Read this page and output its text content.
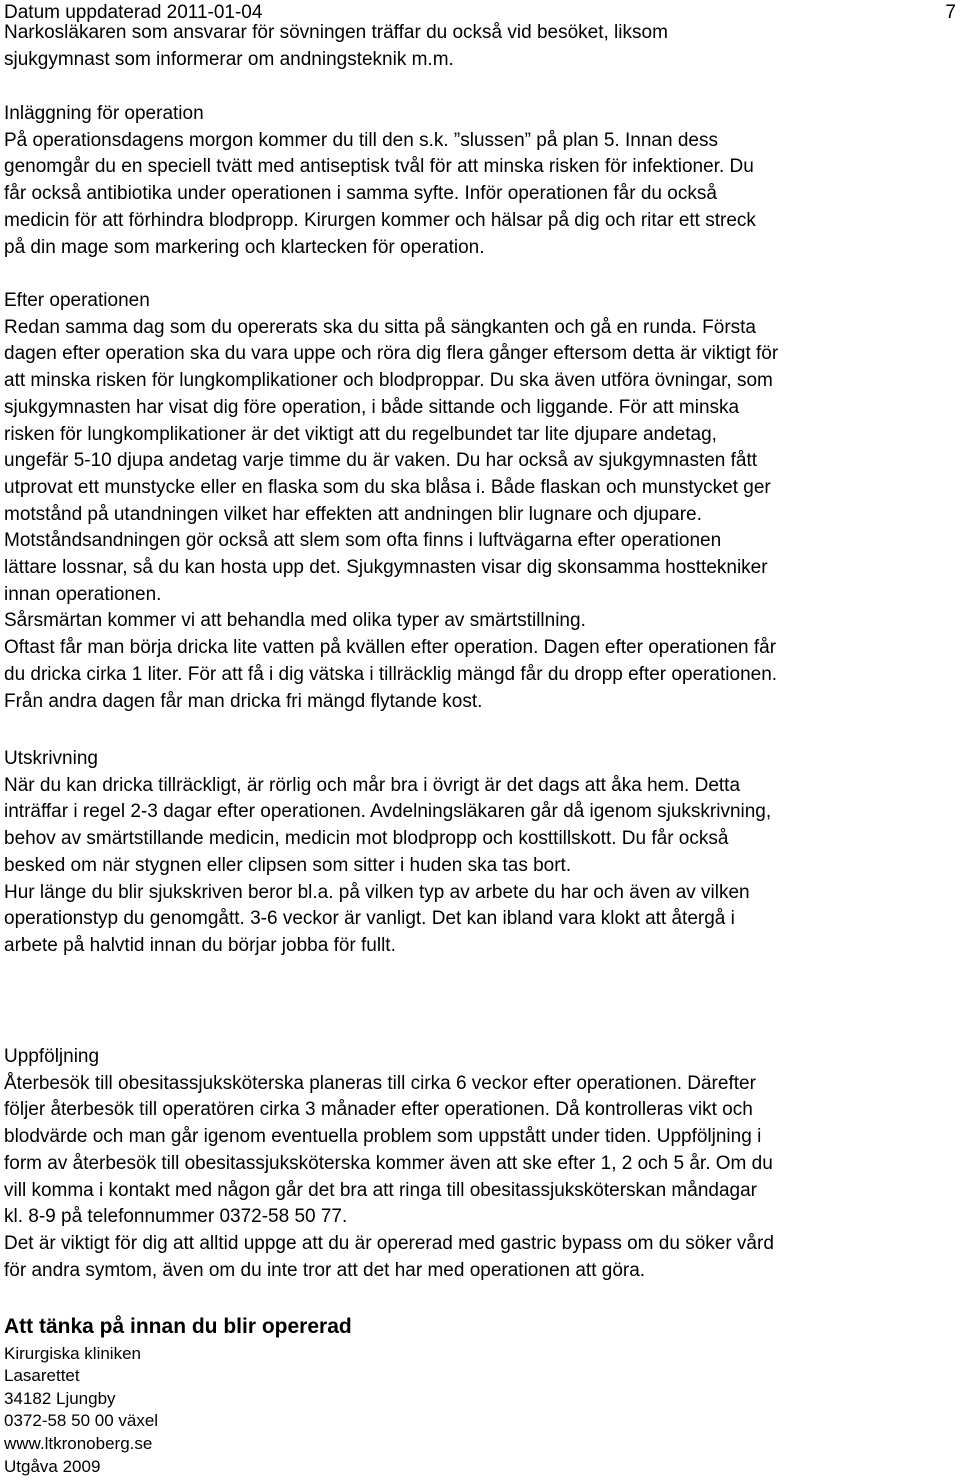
Datum uppdaterad 2011-01-04	7

Narkosläkaren som ansvarar för sövningen träffar du också vid besöket, liksom

sjukgymnast som informerar om andningsteknik m.m.

Inläggning för operation

På operationsdagens morgon kommer du till den s.k. ”slussen” på plan 5. Innan dess

genomgår du en speciell tvätt med antiseptisk tvål för att minska risken för infektioner. Du

får också antibiotika under operationen i samma syfte. Inför operationen får du också

medicin för att förhindra blodpropp. Kirurgen kommer och hälsar på dig och ritar ett streck

på din mage som markering och klartecken för operation.

Efter operationen

Redan samma dag som du opererats ska du sitta på sängkanten och gå en runda. Första

dagen efter operation ska du vara uppe och röra dig flera gånger eftersom detta är viktigt för

att minska risken för lungkomplikationer och blodproppar. Du ska även utföra övningar, som

sjukgymnasten har visat dig före operation, i både sittande och liggande. För att minska

risken för lungkomplikationer är det viktigt att du regelbundet tar lite djupare andetag,

ungefär 5-10 djupa andetag varje timme du är vaken. Du har också av sjukgymnasten fått

utprovat ett munstycke eller en flaska som du ska blåsa i. Både flaskan och munstycket ger

motstånd på utandningen vilket har effekten att andningen blir lugnare och djupare.

Motståndsandningen gör också att slem som ofta finns i luftvägarna efter operationen

lättare lossnar, så du kan hosta upp det. Sjukgymnasten visar dig skonsamma hosttekniker

innan operationen.

Sårsmärtan kommer vi att behandla med olika typer av smärtstillning.

Oftast får man börja dricka lite vatten på kvällen efter operation. Dagen efter operationen får

du dricka cirka 1 liter. För att få i dig vätska i tillräcklig mängd får du dropp efter operationen.

Från andra dagen får man dricka fri mängd flytande kost.

Utskrivning

När du kan dricka tillräckligt, är rörlig och mår bra i övrigt är det dags att åka hem. Detta

inträffar i regel 2-3 dagar efter operationen. Avdelningsläkaren går då igenom sjukskrivning,

behov av smärtstillande medicin, medicin mot blodpropp och kosttillskott. Du får också

besked om när stygnen eller clipsen som sitter i huden ska tas bort.

Hur länge du blir sjukskriven beror bl.a. på vilken typ av arbete du har och även av vilken

operationstyp du genomgått. 3-6 veckor är vanligt. Det kan ibland vara klokt att återgå i

arbete på halvtid innan du börjar jobba för fullt.

Uppföljning

Återbesök till obesitassjuksköterska planeras till cirka 6 veckor efter operationen. Därefter

följer återbesök till operatören cirka 3 månader efter operationen. Då kontrolleras vikt och

blodvärde och man går igenom eventuella problem som uppstått under tiden. Uppföljning i

form av återbesök till obesitassjuksköterska kommer även att ske efter 1, 2 och 5 år. Om du

vill komma i kontakt med någon går det bra att ringa till obesitassjuksköterskan måndagar

kl. 8-9 på telefonnummer 0372-58 50 77.

Det är viktigt för dig att alltid uppge att du är opererad med gastric bypass om du söker vård

för andra symtom, även om du inte tror att det har med operationen att göra.

Att tänka på innan du blir opererad

Kirurgiska kliniken

Lasarettet

34182 Ljungby

0372-58 50 00 växel

www.ltkronoberg.se

Utgåva 2009
